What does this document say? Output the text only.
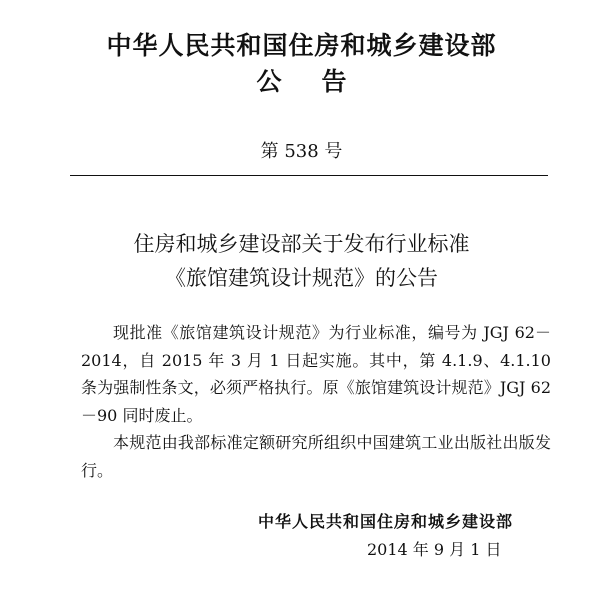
中华人民共和国住房和城乡建设部
公告
第 538 号
住房和城乡建设部关于发布行业标准
《旅馆建筑设计规范》的公告

现批准《旅馆建筑设计规范》为行业标准，编号为 JGJ 62－2014，自 2015 年 3 月 1 日起实施。其中，第 4.1.9、4.1.10 条为强制性条文，必须严格执行。原《旅馆建筑设计规范》JGJ 62－90 同时废止。

本规范由我部标准定额研究所组织中国建筑工业出版社出版发行。

中华人民共和国住房和城乡建设部
2014 年 9 月 1 日
